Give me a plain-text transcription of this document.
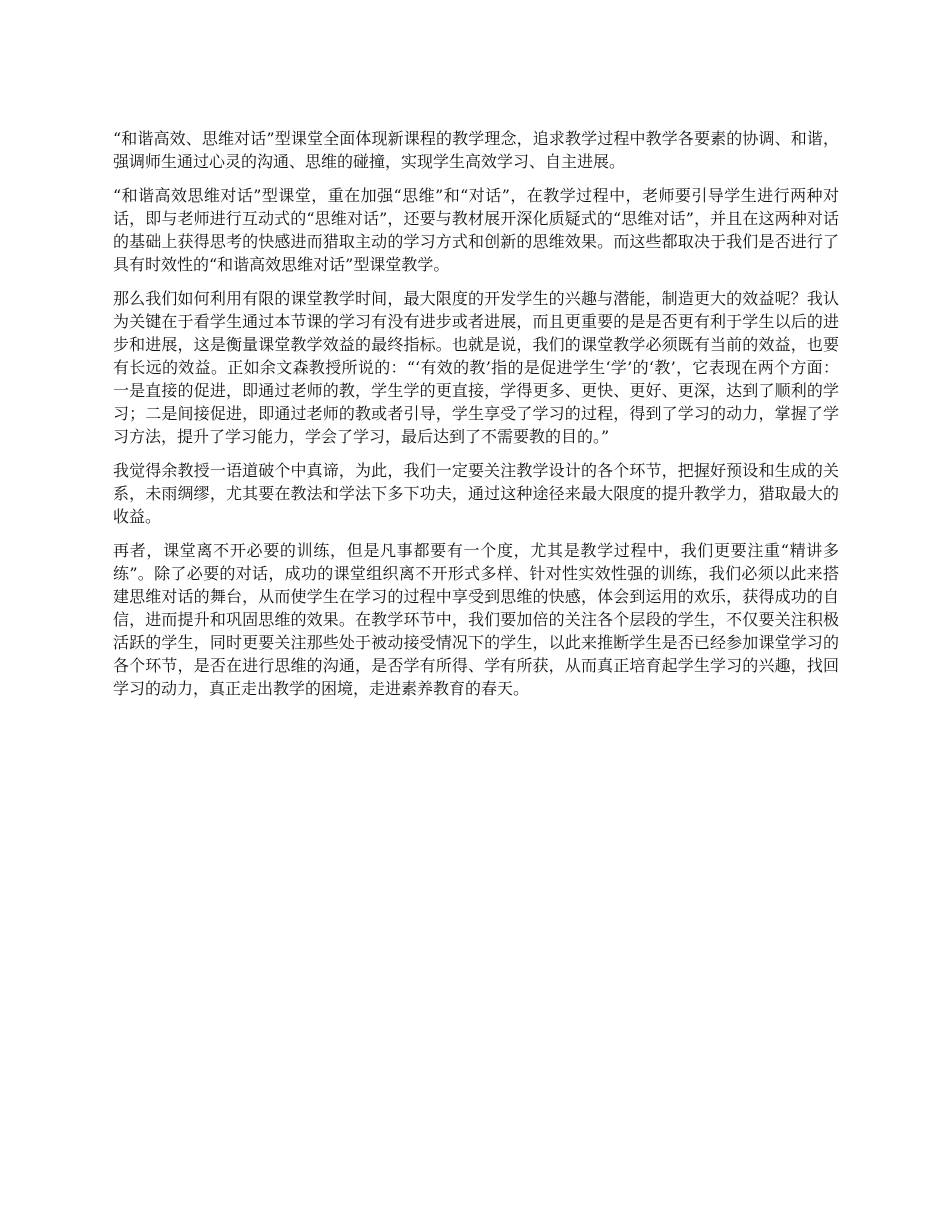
“和谐高效、思维对话”型课堂全面体现新课程的教学理念，追求教学过程中教学各要素的协调、和谐，强调师生通过心灵的沟通、思维的碰撞，实现学生高效学习、自主进展。

“和谐高效思维对话”型课堂，重在加强“思维”和“对话”，在教学过程中，老师要引导学生进行两种对话，即与老师进行互动式的“思维对话”，还要与教材展开深化质疑式的“思维对话”，并且在这两种对话的基础上获得思考的快感进而猎取主动的学习方式和创新的思维效果。而这些都取决于我们是否进行了具有时效性的“和谐高效思维对话”型课堂教学。

那么我们如何利用有限的课堂教学时间，最大限度的开发学生的兴趣与潜能，制造更大的效益呢？我认为关键在于看学生通过本节课的学习有没有进步或者进展，而且更重要的是是否更有利于学生以后的进步和进展，这是衡量课堂教学效益的最终指标。也就是说，我们的课堂教学必须既有当前的效益，也要有长远的效益。正如余文森教授所说的：“‘有效的教’指的是促进学生‘学’的‘教’，它表现在两个方面：一是直接的促进，即通过老师的教，学生学的更直接，学得更多、更快、更好、更深，达到了顺利的学习；二是间接促进，即通过老师的教或者引导，学生享受了学习的过程，得到了学习的动力，掌握了学习方法，提升了学习能力，学会了学习，最后达到了不需要教的目的。”

我觉得余教授一语道破个中真谛，为此，我们一定要关注教学设计的各个环节，把握好预设和生成的关系，未雨绸缪，尤其要在教法和学法下多下功夫，通过这种途径来最大限度的提升教学力，猎取最大的收益。

再者，课堂离不开必要的训练，但是凡事都要有一个度，尤其是教学过程中，我们更要注重“精讲多练”。除了必要的对话，成功的课堂组织离不开形式多样、针对性实效性强的训练，我们必须以此来搭建思维对话的舞台，从而使学生在学习的过程中享受到思维的快感，体会到运用的欢乐，获得成功的自信，进而提升和巩固思维的效果。在教学环节中，我们要加倍的关注各个层段的学生，不仅要关注积极活跃的学生，同时更要关注那些处于被动接受情况下的学生，以此来推断学生是否已经参加课堂学习的各个环节，是否在进行思维的沟通，是否学有所得、学有所获，从而真正培育起学生学习的兴趣，找回学习的动力，真正走出教学的困境，走进素养教育的春天。
